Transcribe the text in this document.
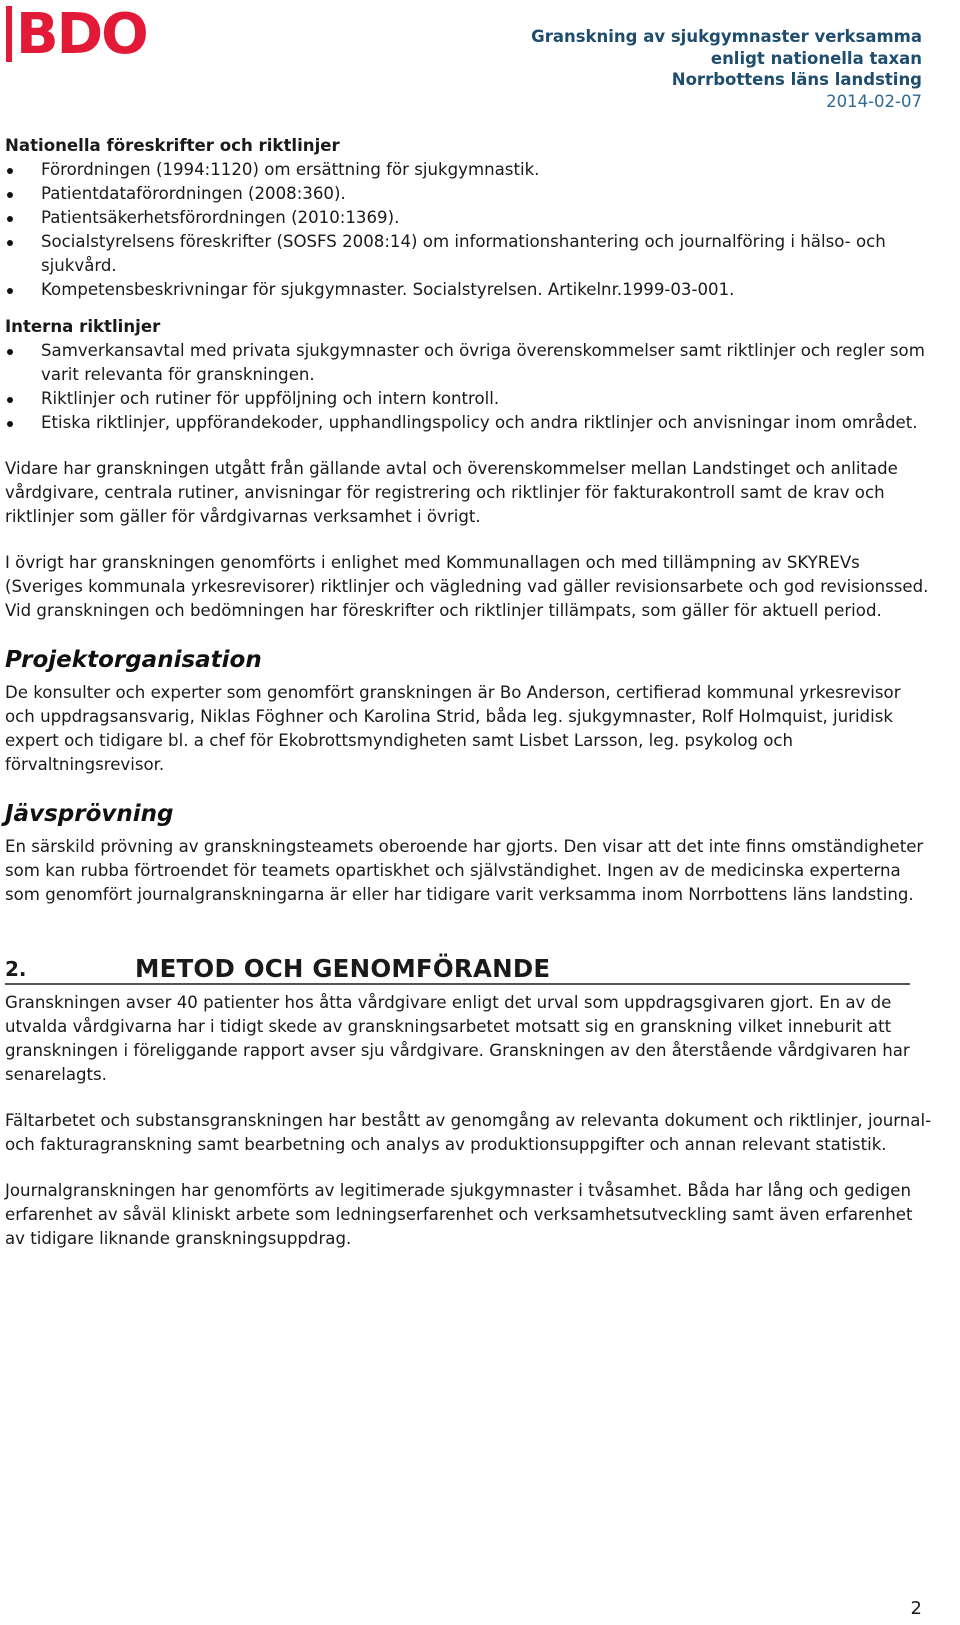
BDO	Granskning av sjukgymnaster verksamma
enligt nationella taxan
Norrbottens läns landsting
2014-02-07
Nationella föreskrifter och riktlinjer
Förordningen (1994:1120) om ersättning för sjukgymnastik.
Patientdataförordningen (2008:360).
Patientsäkerhetsförordningen (2010:1369).
Socialstyrelsens föreskrifter (SOSFS 2008:14) om informationshantering och journalföring i hälso- och sjukvård.
Kompetensbeskrivningar för sjukgymnaster. Socialstyrelsen. Artikelnr.1999-03-001.
Interna riktlinjer
Samverkansavtal med privata sjukgymnaster och övriga överenskommelser samt riktlinjer och regler som varit relevanta för granskningen.
Riktlinjer och rutiner för uppföljning och intern kontroll.
Etiska riktlinjer, uppförandekoder, upphandlingspolicy och andra riktlinjer och anvisningar inom området.

Vidare har granskningen utgått från gällande avtal och överenskommelser mellan Landstinget och anlitade vårdgivare, centrala rutiner, anvisningar för registrering och riktlinjer för fakturakontroll samt de krav och riktlinjer som gäller för vårdgivarnas verksamhet i övrigt.

I övrigt har granskningen genomförts i enlighet med Kommunallagen och med tillämpning av SKYREVs (Sveriges kommunala yrkesrevisorer) riktlinjer och vägledning vad gäller revisionsarbete och god revisionssed. Vid granskningen och bedömningen har föreskrifter och riktlinjer tillämpats, som gäller för aktuell period.

Projektorganisation

De konsulter och experter som genomfört granskningen är Bo Anderson, certifierad kommunal yrkesrevisor och uppdragsansvarig, Niklas Föghner och Karolina Strid, båda leg. sjukgymnaster, Rolf Holmquist, juridisk expert och tidigare bl. a chef för Ekobrottsmyndigheten samt Lisbet Larsson, leg. psykolog och förvaltningsrevisor.

Jävsprövning

En särskild prövning av granskningsteamets oberoende har gjorts. Den visar att det inte finns omständigheter som kan rubba förtroendet för teamets opartiskhet och självständighet. Ingen av de medicinska experterna som genomfört journalgranskningarna är eller har tidigare varit verksamma inom Norrbottens läns landsting.

2.	METOD OCH GENOMFÖRANDE

Granskningen avser 40 patienter hos åtta vårdgivare enligt det urval som uppdragsgivaren gjort. En av de utvalda vårdgivarna har i tidigt skede av granskningsarbetet motsatt sig en granskning vilket inneburit att granskningen i föreliggande rapport avser sju vårdgivare. Granskningen av den återstående vårdgivaren har senarelagts.

Fältarbetet och substansgranskningen har bestått av genomgång av relevanta dokument och riktlinjer, journal- och fakturagranskning samt bearbetning och analys av produktionsuppgifter och annan relevant statistik.

Journalgranskningen har genomförts av legitimerade sjukgymnaster i tvåsamhet. Båda har lång och gedigen erfarenhet av såväl kliniskt arbete som ledningserfarenhet och verksamhetsutveckling samt även erfarenhet av tidigare liknande granskningsuppdrag.

2
